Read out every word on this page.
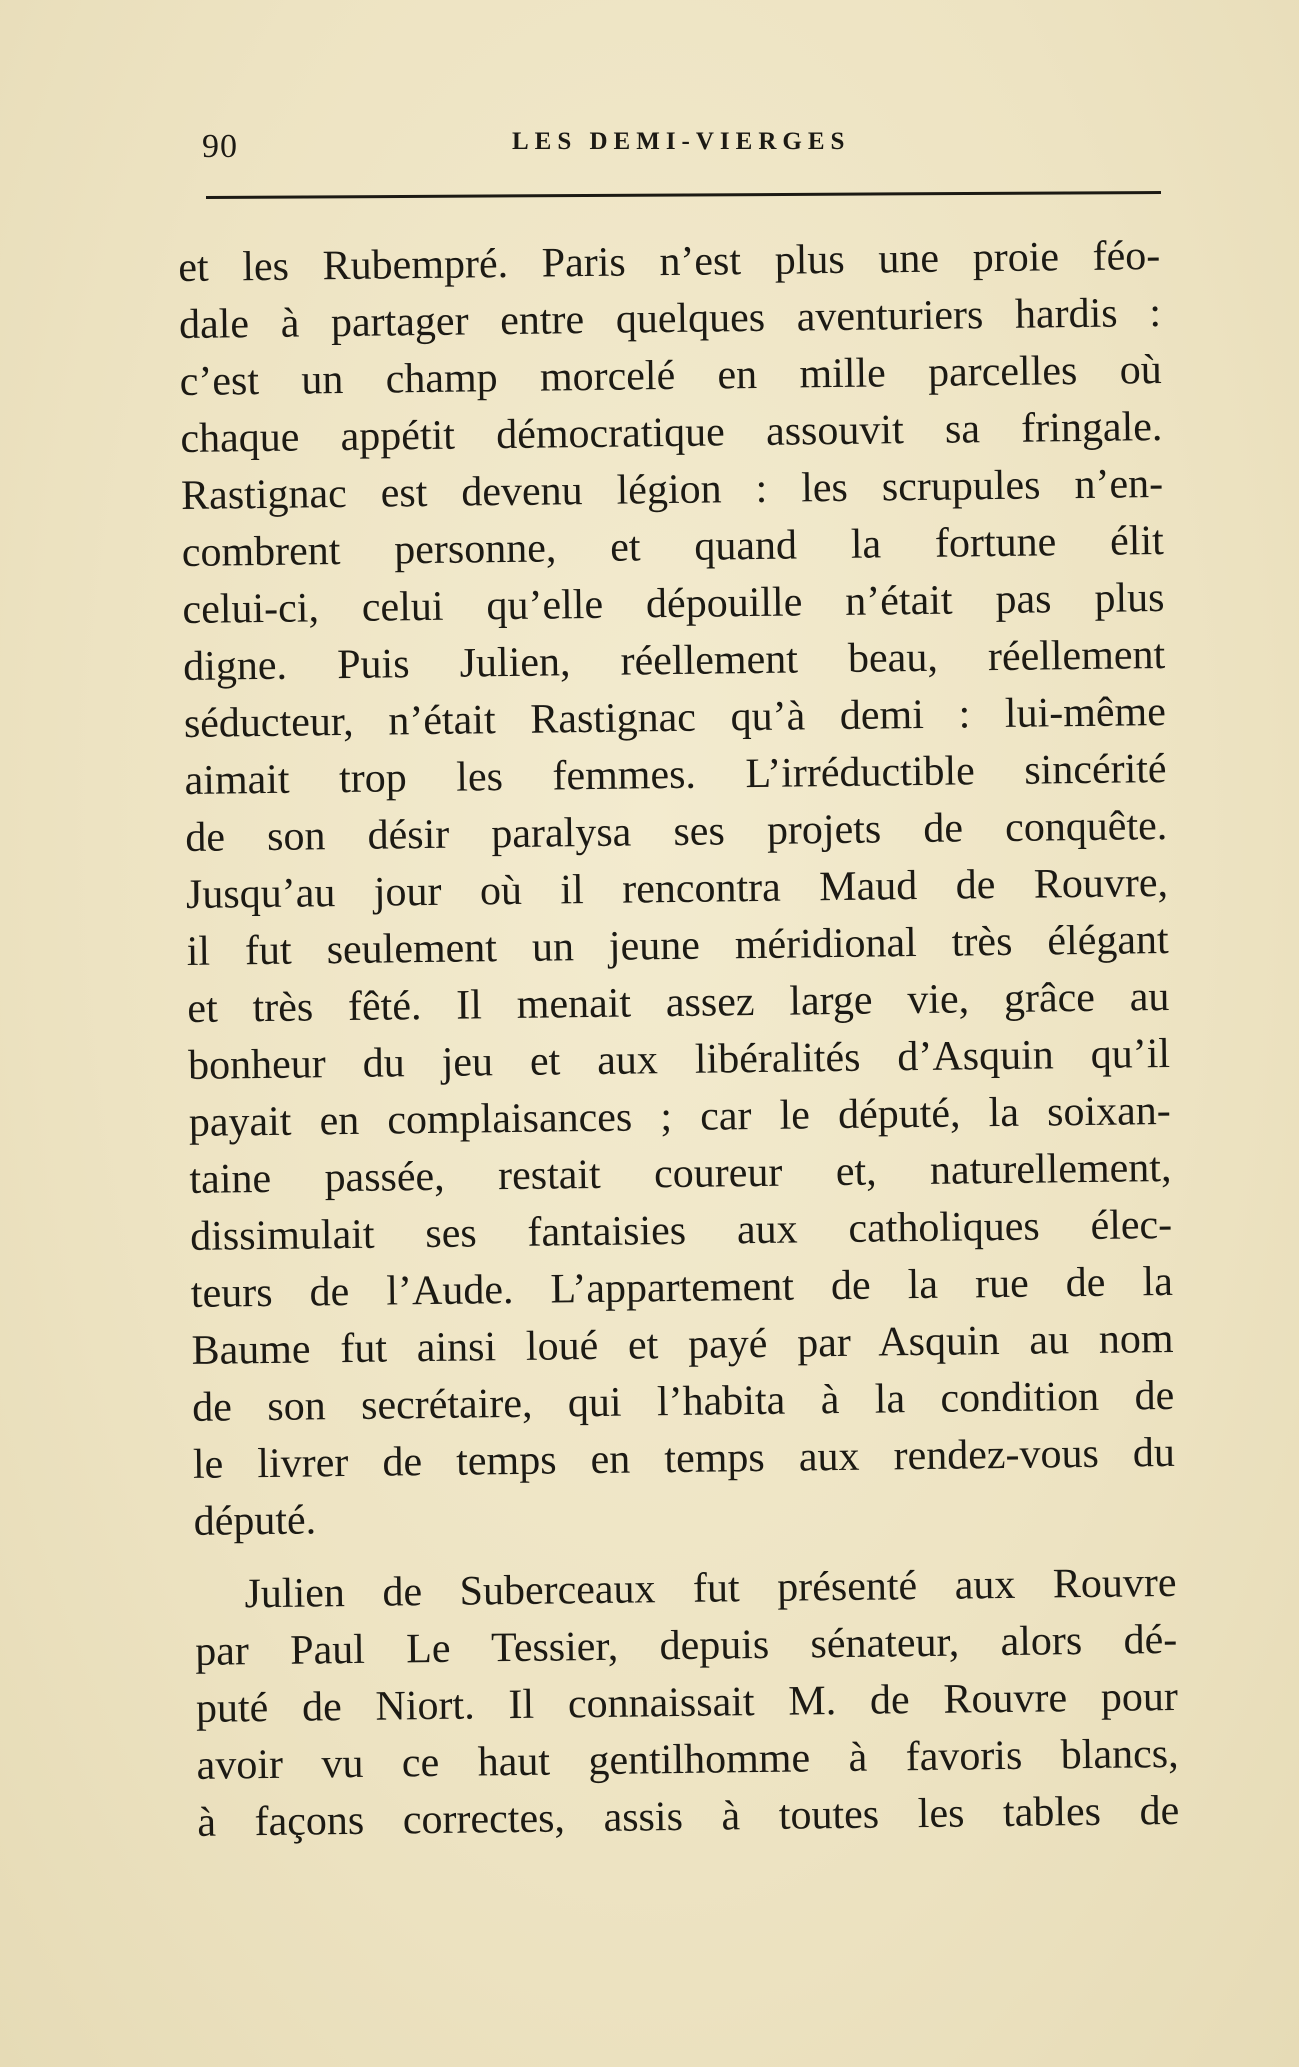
90	LES DEMI-VIERGES
et les Rubempré. Paris n’est plus une proie féo-
dale à partager entre quelques aventuriers hardis :
c’est un champ morcelé en mille parcelles où
chaque appétit démocratique assouvit sa fringale.
Rastignac est devenu légion : les scrupules n’en-
combrent personne, et quand la fortune élit
celui-ci, celui qu’elle dépouille n’était pas plus
digne. Puis Julien, réellement beau, réellement
séducteur, n’était Rastignac qu’à demi : lui-même
aimait trop les femmes. L’irréductible sincérité
de son désir paralysa ses projets de conquête.
Jusqu’au jour où il rencontra Maud de Rouvre,
il fut seulement un jeune méridional très élégant
et très fêté. Il menait assez large vie, grâce au
bonheur du jeu et aux libéralités d’Asquin qu’il
payait en complaisances ; car le député, la soixan-
taine passée, restait coureur et, naturellement,
dissimulait ses fantaisies aux catholiques élec-
teurs de l’Aude. L’appartement de la rue de la
Baume fut ainsi loué et payé par Asquin au nom
de son secrétaire, qui l’habita à la condition de
le livrer de temps en temps aux rendez-vous du
député.
Julien de Suberceaux fut présenté aux Rouvre
par Paul Le Tessier, depuis sénateur, alors dé-
puté de Niort. Il connaissait M. de Rouvre pour
avoir vu ce haut gentilhomme à favoris blancs,
à façons correctes, assis à toutes les tables de
